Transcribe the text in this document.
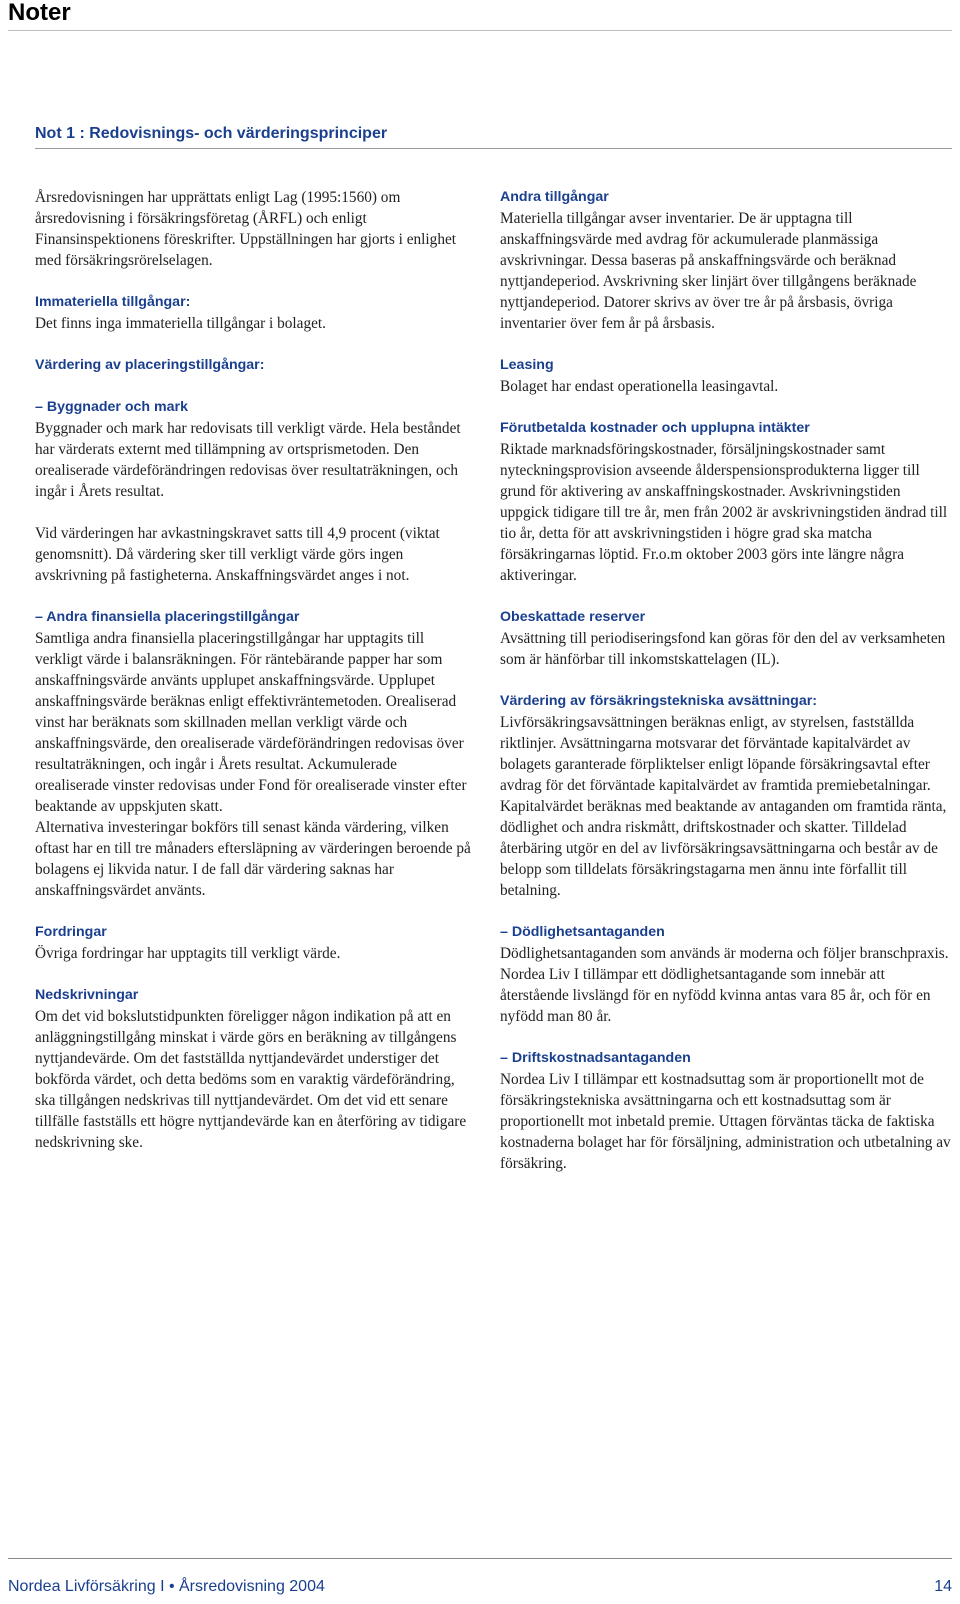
Noter
Not 1 : Redovisnings- och värderingsprinciper

Årsredovisningen har upprättats enligt Lag (1995:1560) om årsredovisning i försäkringsföretag (ÅRFL) och enligt Finansinspektionens föreskrifter. Uppställningen har gjorts i enlighet med försäkringsrörelselagen.

Immateriella tillgångar:

Det finns inga immateriella tillgångar i bolaget.

Värdering av placeringstillgångar:
– Byggnader och mark

Byggnader och mark har redovisats till verkligt värde. Hela beståndet har värderats externt med tillämpning av ortsprismetoden. Den orealiserade värdeförändringen redovisas över resultaträkningen, och ingår i Årets resultat.

Vid värderingen har avkastningskravet satts till 4,9 procent (viktat genomsnitt). Då värdering sker till verkligt värde görs ingen avskrivning på fastigheterna. Anskaffningsvärdet anges i not.

– Andra finansiella placeringstillgångar

Samtliga andra finansiella placeringstillgångar har upptagits till verkligt värde i balansräkningen. För räntebärande papper har som anskaffningsvärde använts upplupet anskaffningsvärde. Upplupet anskaffningsvärde beräknas enligt effektivräntemetoden. Orealiserad vinst har beräknats som skillnaden mellan verkligt värde och anskaffningsvärde, den orealiserade värdeförändringen redovisas över resultaträkningen, och ingår i Årets resultat. Ackumulerade orealiserade vinster redovisas under Fond för orealiserade vinster efter beaktande av uppskjuten skatt.

Alternativa investeringar bokförs till senast kända värdering, vilken oftast har en till tre månaders eftersläpning av värderingen beroende på bolagens ej likvida natur. I de fall där värdering saknas har anskaffningsvärdet använts.

Fordringar

Övriga fordringar har upptagits till verkligt värde.

Nedskrivningar

Om det vid bokslutstidpunkten föreligger någon indikation på att en anläggningstillgång minskat i värde görs en beräkning av tillgångens nyttjandevärde. Om det fastställda nyttjandevärdet understiger det bokförda värdet, och detta bedöms som en varaktig värdeförändring, ska tillgången nedskrivas till nyttjandevärdet. Om det vid ett senare tillfälle fastställs ett högre nyttjandevärde kan en återföring av tidigare nedskrivning ske.

Andra tillgångar

Materiella tillgångar avser inventarier. De är upptagna till anskaffningsvärde med avdrag för ackumulerade planmässiga avskrivningar. Dessa baseras på anskaffningsvärde och beräknad nyttjandeperiod. Avskrivning sker linjärt över tillgångens beräknade nyttjandeperiod. Datorer skrivs av över tre år på årsbasis, övriga inventarier över fem år på årsbasis.

Leasing

Bolaget har endast operationella leasingavtal.

Förutbetalda kostnader och upplupna intäkter

Riktade marknadsföringskostnader, försäljningskostnader samt nyteckningsprovision avseende ålderspensionsprodukterna ligger till grund för aktivering av anskaffningskostnader. Avskrivningstiden uppgick tidigare till tre år, men från 2002 är avskrivningstiden ändrad till tio år, detta för att avskrivningstiden i högre grad ska matcha försäkringarnas löptid. Fr.o.m oktober 2003 görs inte längre några aktiveringar.

Obeskattade reserver

Avsättning till periodiseringsfond kan göras för den del av verksamheten som är hänförbar till inkomstskattelagen (IL).

Värdering av försäkringstekniska avsättningar:

Livförsäkringsavsättningen beräknas enligt, av styrelsen, fastställda riktlinjer. Avsättningarna motsvarar det förväntade kapitalvärdet av bolagets garanterade förpliktelser enligt löpande försäkringsavtal efter avdrag för det förväntade kapitalvärdet av framtida premiebetalningar. Kapitalvärdet beräknas med beaktande av antaganden om framtida ränta, dödlighet och andra riskmått, driftskostnader och skatter. Tilldelad återbäring utgör en del av livförsäkringsavsättningarna och består av de belopp som tilldelats försäkringstagarna men ännu inte förfallit till betalning.

– Dödlighetsantaganden

Dödlighetsantaganden som används är moderna och följer branschpraxis. Nordea Liv I tillämpar ett dödlighetsantagande som innebär att återstående livslängd för en nyfödd kvinna antas vara 85 år, och för en nyfödd man 80 år.

– Driftskostnadsantaganden

Nordea Liv I tillämpar ett kostnadsuttag som är proportionellt mot de försäkringstekniska avsättningarna och ett kostnadsuttag som är proportionellt mot inbetald premie. Uttagen förväntas täcka de faktiska kostnaderna bolaget har för försäljning, administration och utbetalning av försäkring.

Nordea Livförsäkring I • Årsredovisning 2004	14
